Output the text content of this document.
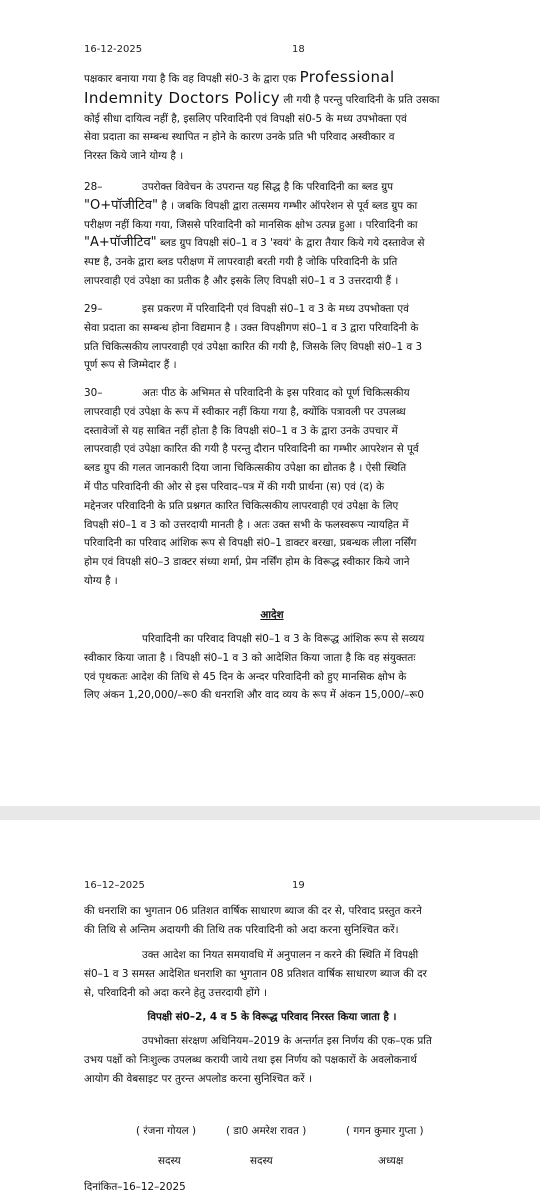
16-12-2025	18
पक्षकार बनाया गया है कि वह विपक्षी सं0-3 के द्वारा एक Professional
Indemnity Doctors Policy ली गयी है परन्तु परिवादिनी के प्रति उसका
कोई सीधा दायित्व नहीं है, इसलिए परिवादिनी एवं विपक्षी सं0-5 के मध्य उपभोक्ता एवं
सेवा प्रदाता का सम्बन्ध स्थापित न होने के कारण उनके प्रति भी परिवाद अस्वीकार व
निरस्त किये जाने योग्य है ।
28–	उपरोक्त विवेचन के उपरान्त यह सिद्ध है कि परिवादिनी का ब्लड ग्रुप
"O+पॉजीटिव" है । जबकि विपक्षी द्वारा तत्समय गम्भीर ऑपरेशन से पूर्व ब्लड ग्रुप का
परीक्षण नहीं किया गया, जिससे परिवादिनी को मानसिक क्षोभ उत्पन्न हुआ । परिवादिनी का
"A+पॉजीटिव" ब्लड ग्रुप विपक्षी सं0–1 व 3 'स्वयं' के द्वारा तैयार किये गये दस्तावेज से
स्पष्ट है, उनके द्वारा ब्लड परीक्षण में लापरवाही बरती गयी है जोकि परिवादिनी के प्रति
लापरवाही एवं उपेक्षा का प्रतीक है और इसके लिए विपक्षी सं0–1 व 3 उत्तरदायी हैं ।
29–	इस प्रकरण में परिवादिनी एवं विपक्षी सं0–1 व 3 के मध्य उपभोक्ता एवं
सेवा प्रदाता का सम्बन्ध होना विद्यमान है । उक्त विपक्षीगण सं0–1 व 3 द्वारा परिवादिनी के
प्रति चिकित्सकीय लापरवाही एवं उपेक्षा कारित की गयी है, जिसके लिए विपक्षी सं0–1 व 3
पूर्ण रूप से जिम्मेदार हैं ।
30–	अतः पीठ के अभिमत से परिवादिनी के इस परिवाद को पूर्ण चिकित्सकीय
लापरवाही एवं उपेक्षा के रूप में स्वीकार नहीं किया गया है, क्योंकि पत्रावली पर उपलब्ध
दस्तावेजों से यह साबित नहीं होता है कि विपक्षी सं0–1 व 3 के द्वारा उनके उपचार में
लापरवाही एवं उपेक्षा कारित की गयी है परन्तु दौरान परिवादिनी का गम्भीर आपरेशन से पूर्व
ब्लड ग्रुप की गलत जानकारी दिया जाना चिकित्सकीय उपेक्षा का द्योतक है । ऐसी स्थिति
में पीठ परिवादिनी की ओर से इस परिवाद–पत्र में की गयी प्रार्थना (स) एवं (द) के
मद्देनजर परिवादिनी के प्रति प्रश्नगत कारित चिकित्सकीय लापरवाही एवं उपेक्षा के लिए
विपक्षी सं0–1 व 3 को उत्तरदायी मानती है । अतः उक्त सभी के फलस्वरूप न्यायहित में
परिवादिनी का परिवाद आंशिक रूप से विपक्षी सं0–1 डाक्टर बरखा, प्रबन्धक लीला नर्सिंग
होम एवं विपक्षी सं0–3 डाक्टर संध्या शर्मा, प्रेम नर्सिंग होम के विरूद्ध स्वीकार किये जाने
योग्य है ।
आदेश
परिवादिनी का परिवाद विपक्षी सं0–1 व 3 के विरूद्ध आंशिक रूप से सव्यय
स्वीकार किया जाता है । विपक्षी सं0–1 व 3 को आदेशित किया जाता है कि वह संयुक्ततः
एवं पृथकतः आदेश की तिथि से 45 दिन के अन्दर परिवादिनी को हुए मानसिक क्षोभ के
लिए अंकन 1,20,000/–रू0 की धनराशि और वाद व्यय के रूप में अंकन 15,000/–रू0
16–12–2025	19
की धनराशि का भुगतान 06 प्रतिशत वार्षिक साधारण ब्याज की दर से, परिवाद प्रस्तुत करने
की तिथि से अन्तिम अदायगी की तिथि तक परिवादिनी को अदा करना सुनिश्चित करें।
उक्त आदेश का नियत समयावधि में अनुपालन न करने की स्थिति में विपक्षी
सं0–1 व 3 समस्त आदेशित धनराशि का भुगतान 08 प्रतिशत वार्षिक साधारण ब्याज की दर
से, परिवादिनी को अदा करने हेतु उत्तरदायी होंगे ।
विपक्षी सं0–2, 4 व 5 के विरूद्ध परिवाद निरस्त किया जाता है ।
उपभोक्ता संरक्षण अधिनियम–2019 के अन्तर्गत इस निर्णय की एक–एक प्रति
उभय पक्षों को निःशुल्क उपलब्ध करायी जाये तथा इस निर्णय को पक्षकारों के अवलोकनार्थ
आयोग की वेबसाइट पर तुरन्त अपलोड करना सुनिश्चित करें ।
( रंजना गोयल )	( डा0 अमरेश रावत )	( गगन कुमार गुप्ता )
सदस्य	सदस्य	अध्यक्ष
दिनांकित–16–12–2025
